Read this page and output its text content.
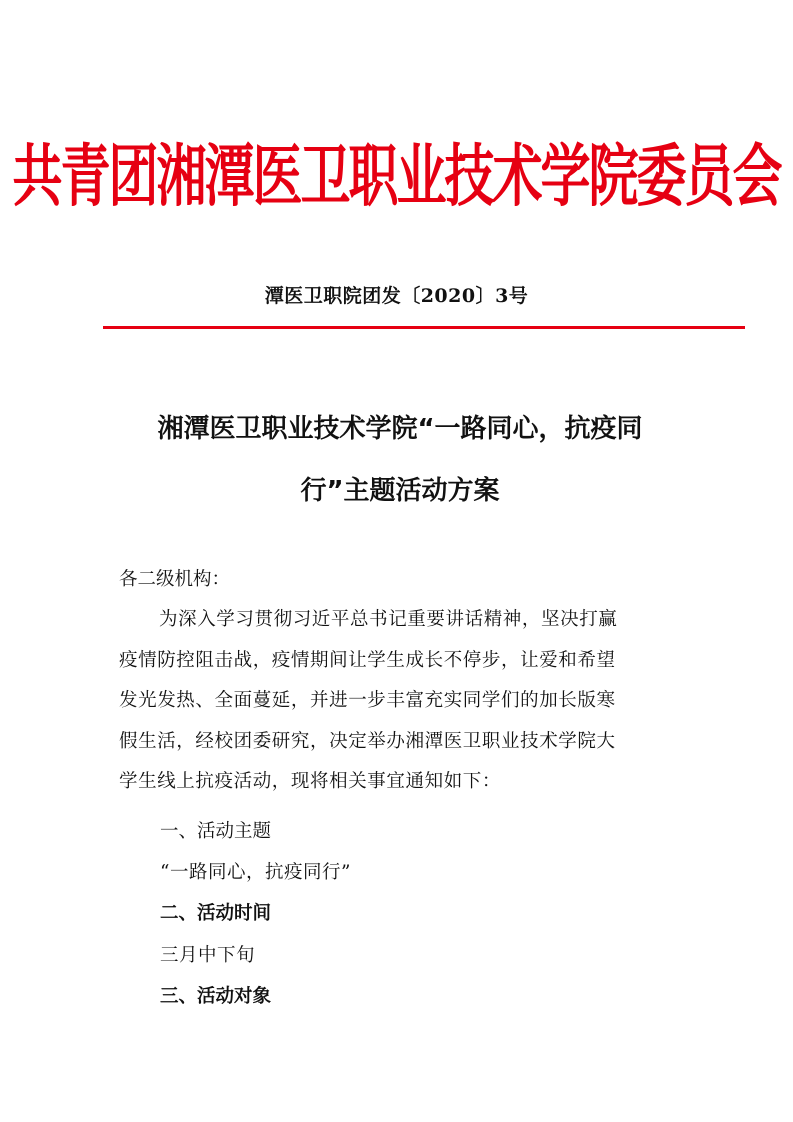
共青团湘潭医卫职业技术学院委员会
潭医卫职院团发〔2020〕3号
湘潭医卫职业技术学院“一路同心，抗疫同
行”主题活动方案
各二级机构：
为深入学习贯彻习近平总书记重要讲话精神，坚决打赢
疫情防控阻击战，疫情期间让学生成长不停步，让爱和希望
发光发热、全面蔓延，并进一步丰富充实同学们的加长版寒
假生活，经校团委研究，决定举办湘潭医卫职业技术学院大
学生线上抗疫活动，现将相关事宜通知如下：
一、活动主题
“一路同心，抗疫同行”
二、活动时间
三月中下旬
三、活动对象
